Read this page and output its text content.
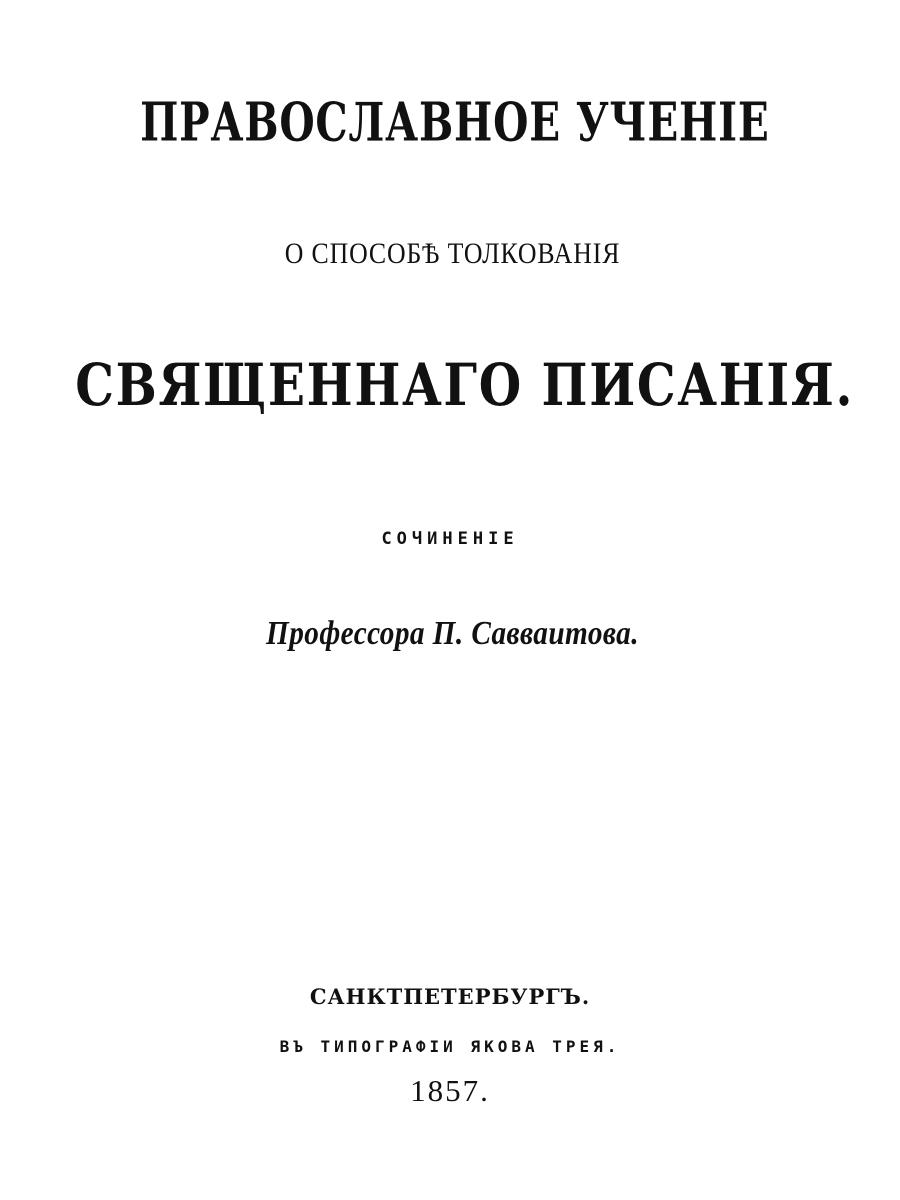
ПРАВОСЛАВНОЕ УЧЕНІЕ
О СПОСОБѢ ТОЛКОВАНІЯ
СВЯЩЕННАГО ПИСАНІЯ.
СОЧИНЕНІЕ
Профессора П. Савваитова.
САНКТПЕТЕРБУРГЪ.
ВЪ ТИПОГРАФІИ ЯКОВА ТРЕЯ.
1857.
